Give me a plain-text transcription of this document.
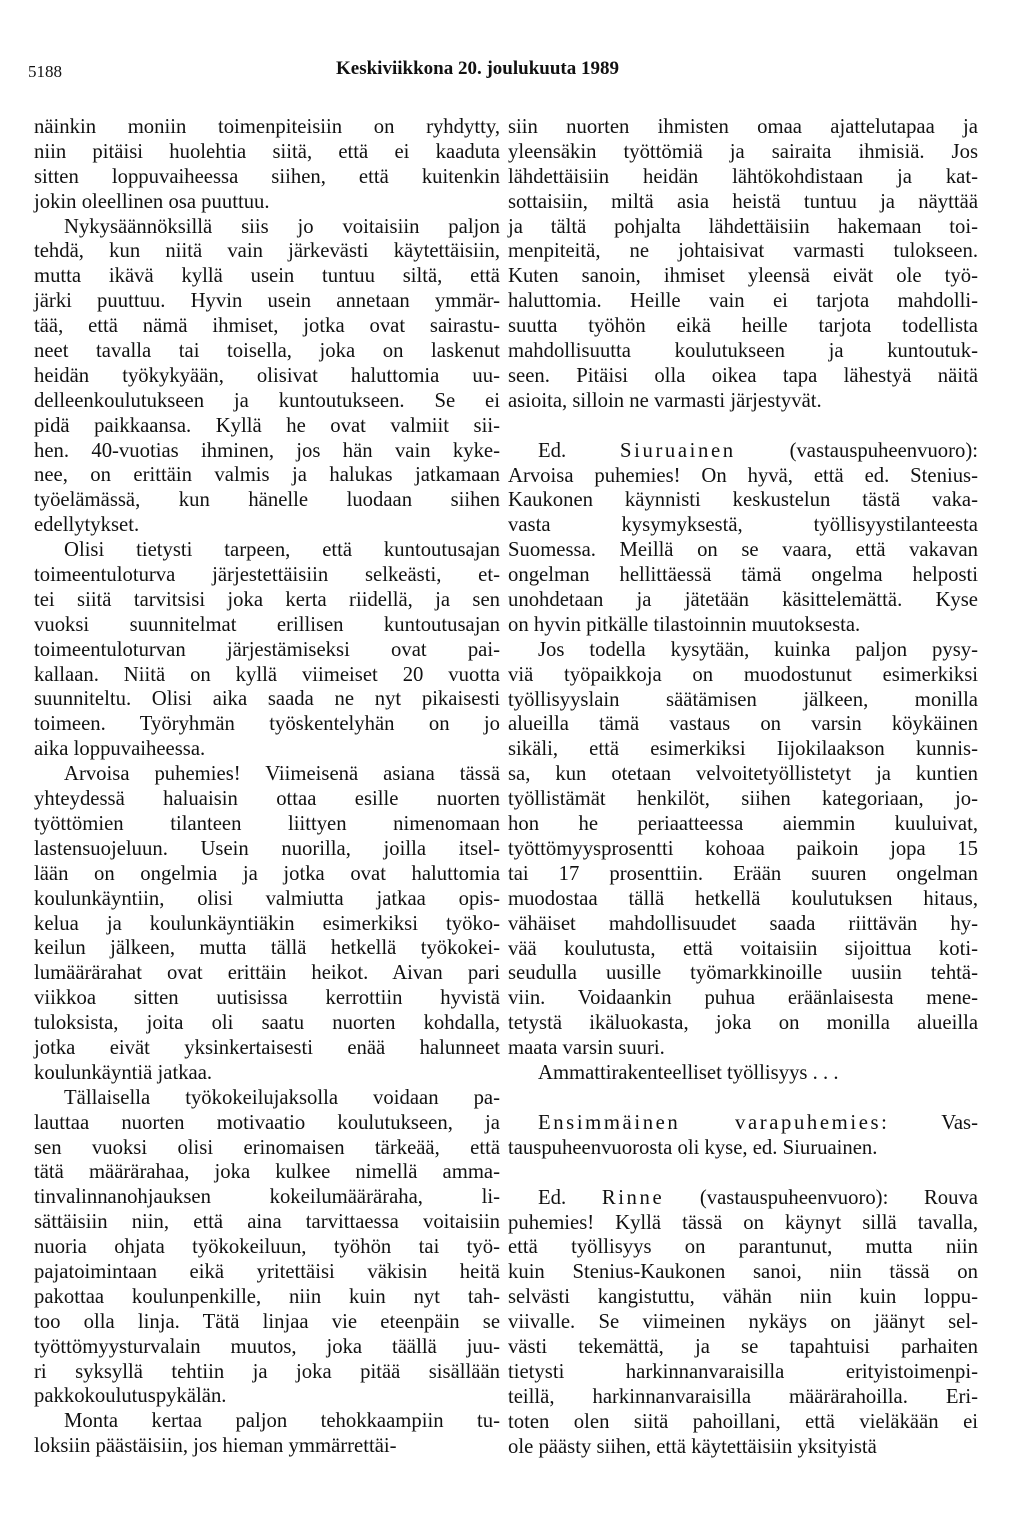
5188	Keskiviikkona 20. joulukuuta 1989
näinkin moniin toimenpiteisiin on ryhdytty,
niin pitäisi huolehtia siitä, että ei kaaduta
sitten loppuvaiheessa siihen, että kuitenkin
jokin oleellinen osa puuttuu.
Nykysäännöksillä siis jo voitaisiin paljon
tehdä, kun niitä vain järkevästi käytettäisiin,
mutta ikävä kyllä usein tuntuu siltä, että
järki puuttuu. Hyvin usein annetaan ymmär-
tää, että nämä ihmiset, jotka ovat sairastu-
neet tavalla tai toisella, joka on laskenut
heidän työkykyään, olisivat haluttomia uu-
delleenkoulutukseen ja kuntoutukseen. Se ei
pidä paikkaansa. Kyllä he ovat valmiit sii-
hen. 40-vuotias ihminen, jos hän vain kyke-
nee, on erittäin valmis ja halukas jatkamaan
työelämässä, kun hänelle luodaan siihen
edellytykset.
Olisi tietysti tarpeen, että kuntoutusajan
toimeentuloturva järjestettäisiin selkeästi, et-
tei siitä tarvitsisi joka kerta riidellä, ja sen
vuoksi suunnitelmat erillisen kuntoutusajan
toimeentuloturvan järjestämiseksi ovat pai-
kallaan. Niitä on kyllä viimeiset 20 vuotta
suunniteltu. Olisi aika saada ne nyt pikaisesti
toimeen. Työryhmän työskentelyhän on jo
aika loppuvaiheessa.
Arvoisa puhemies! Viimeisenä asiana tässä
yhteydessä haluaisin ottaa esille nuorten
työttömien tilanteen liittyen nimenomaan
lastensuojeluun. Usein nuorilla, joilla itsel-
lään on ongelmia ja jotka ovat haluttomia
koulunkäyntiin, olisi valmiutta jatkaa opis-
kelua ja koulunkäyntiäkin esimerkiksi työko-
keilun jälkeen, mutta tällä hetkellä työkokei-
lumäärärahat ovat erittäin heikot. Aivan pari
viikkoa sitten uutisissa kerrottiin hyvistä
tuloksista, joita oli saatu nuorten kohdalla,
jotka eivät yksinkertaisesti enää halunneet
koulunkäyntiä jatkaa.
Tällaisella työkokeilujaksolla voidaan pa-
lauttaa nuorten motivaatio koulutukseen, ja
sen vuoksi olisi erinomaisen tärkeää, että
tätä määrärahaa, joka kulkee nimellä amma-
tinvalinnanohjauksen kokeilumääräraha, li-
sättäisiin niin, että aina tarvittaessa voitaisiin
nuoria ohjata työkokeiluun, työhön tai työ-
pajatoimintaan eikä yritettäisi väkisin heitä
pakottaa koulunpenkille, niin kuin nyt tah-
too olla linja. Tätä linjaa vie eteenpäin se
työttömyysturvalain muutos, joka täällä juu-
ri syksyllä tehtiin ja joka pitää sisällään
pakkokoulutuspykälän.
Monta kertaa paljon tehokkaampiin tu-
loksiin päästäisiin, jos hieman ymmärrettäi-
siin nuorten ihmisten omaa ajattelutapaa ja
yleensäkin työttömiä ja sairaita ihmisiä. Jos
lähdettäisiin heidän lähtökohdistaan ja kat-
sottaisiin, miltä asia heistä tuntuu ja näyttää
ja tältä pohjalta lähdettäisiin hakemaan toi-
menpiteitä, ne johtaisivat varmasti tulokseen.
Kuten sanoin, ihmiset yleensä eivät ole työ-
haluttomia. Heille vain ei tarjota mahdolli-
suutta työhön eikä heille tarjota todellista
mahdollisuutta koulutukseen ja kuntoutuk-
seen. Pitäisi olla oikea tapa lähestyä näitä
asioita, silloin ne varmasti järjestyvät.
Ed.	Siuruainen	(vastauspuheenvuoro):
Arvoisa puhemies! On hyvä, että ed. Stenius-
Kaukonen käynnisti keskustelun tästä vaka-
vasta kysymyksestä, työllisyystilanteesta
Suomessa. Meillä on se vaara, että vakavan
ongelman hellittäessä tämä ongelma helposti
unohdetaan ja jätetään käsittelemättä. Kyse
on hyvin pitkälle tilastoinnin muutoksesta.
Jos todella kysytään, kuinka paljon pysy-
viä työpaikkoja on muodostunut esimerkiksi
työllisyyslain säätämisen jälkeen, monilla
alueilla tämä vastaus on varsin köykäinen
sikäli, että esimerkiksi Iijokilaakson kunnis-
sa, kun otetaan velvoitetyöllistetyt ja kuntien
työllistämät henkilöt, siihen kategoriaan, jo-
hon he periaatteessa aiemmin kuuluivat,
työttömyysprosentti kohoaa paikoin jopa 15
tai 17 prosenttiin. Erään suuren ongelman
muodostaa tällä hetkellä koulutuksen hitaus,
vähäiset mahdollisuudet saada riittävän hy-
vää koulutusta, että voitaisiin sijoittua koti-
seudulla uusille työmarkkinoille uusiin tehtä-
viin. Voidaankin puhua eräänlaisesta mene-
tetystä ikäluokasta, joka on monilla alueilla
maata varsin suuri.
Ammattirakenteelliset työllisyys . . .
Ensimmäinen varapuhemies: Vas-
tauspuheenvuorosta oli kyse, ed. Siuruainen.
Ed. Rinne (vastauspuheenvuoro): Rouva
puhemies! Kyllä tässä on käynyt sillä tavalla,
että työllisyys on parantunut, mutta niin
kuin Stenius-Kaukonen sanoi, niin tässä on
selvästi kangistuttu, vähän niin kuin loppu-
viivalle. Se viimeinen nykäys on jäänyt sel-
västi tekemättä, ja se tapahtuisi parhaiten
tietysti harkinnanvaraisilla erityistoimenpi-
teillä, harkinnanvaraisilla määrärahoilla. Eri-
toten olen siitä pahoillani, että vieläkään ei
ole päästy siihen, että käytettäisiin yksityistä
